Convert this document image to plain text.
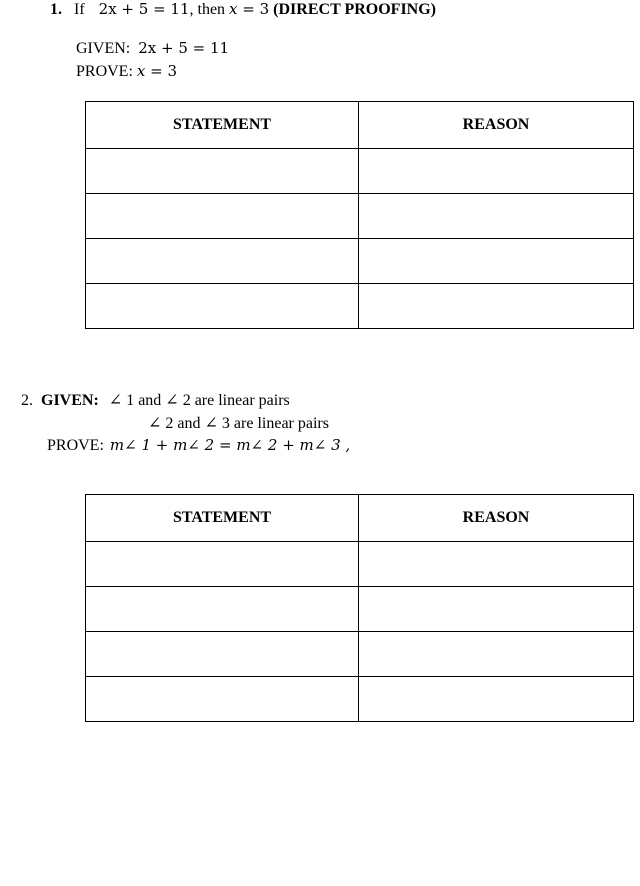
1. If 2x + 5 = 11, then x = 3 (DIRECT PROOFING)
GIVEN: 2x + 5 = 11
PROVE: x = 3
STATEMENT	REASON

2. GIVEN: ∠ 1 and ∠ 2 are linear pairs
∠ 2 and ∠ 3 are linear pairs
PROVE: m∠ 1 + m∠ 2 = m∠ 2 + m∠ 3 ,
STATEMENT	REASON
